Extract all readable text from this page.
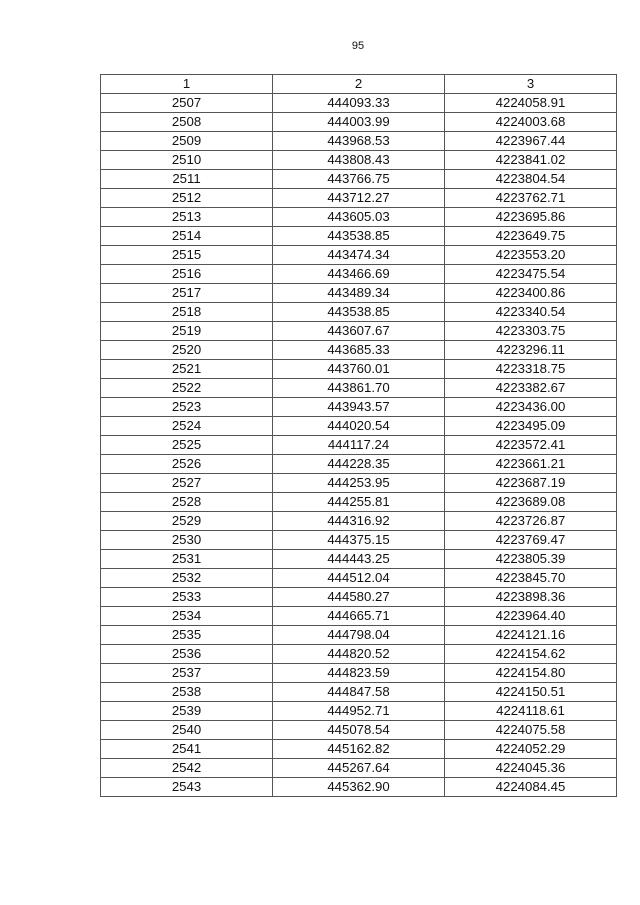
95
1	2	3
2507	444093.33	4224058.91
2508	444003.99	4224003.68
2509	443968.53	4223967.44
2510	443808.43	4223841.02
2511	443766.75	4223804.54
2512	443712.27	4223762.71
2513	443605.03	4223695.86
2514	443538.85	4223649.75
2515	443474.34	4223553.20
2516	443466.69	4223475.54
2517	443489.34	4223400.86
2518	443538.85	4223340.54
2519	443607.67	4223303.75
2520	443685.33	4223296.11
2521	443760.01	4223318.75
2522	443861.70	4223382.67
2523	443943.57	4223436.00
2524	444020.54	4223495.09
2525	444117.24	4223572.41
2526	444228.35	4223661.21
2527	444253.95	4223687.19
2528	444255.81	4223689.08
2529	444316.92	4223726.87
2530	444375.15	4223769.47
2531	444443.25	4223805.39
2532	444512.04	4223845.70
2533	444580.27	4223898.36
2534	444665.71	4223964.40
2535	444798.04	4224121.16
2536	444820.52	4224154.62
2537	444823.59	4224154.80
2538	444847.58	4224150.51
2539	444952.71	4224118.61
2540	445078.54	4224075.58
2541	445162.82	4224052.29
2542	445267.64	4224045.36
2543	445362.90	4224084.45
